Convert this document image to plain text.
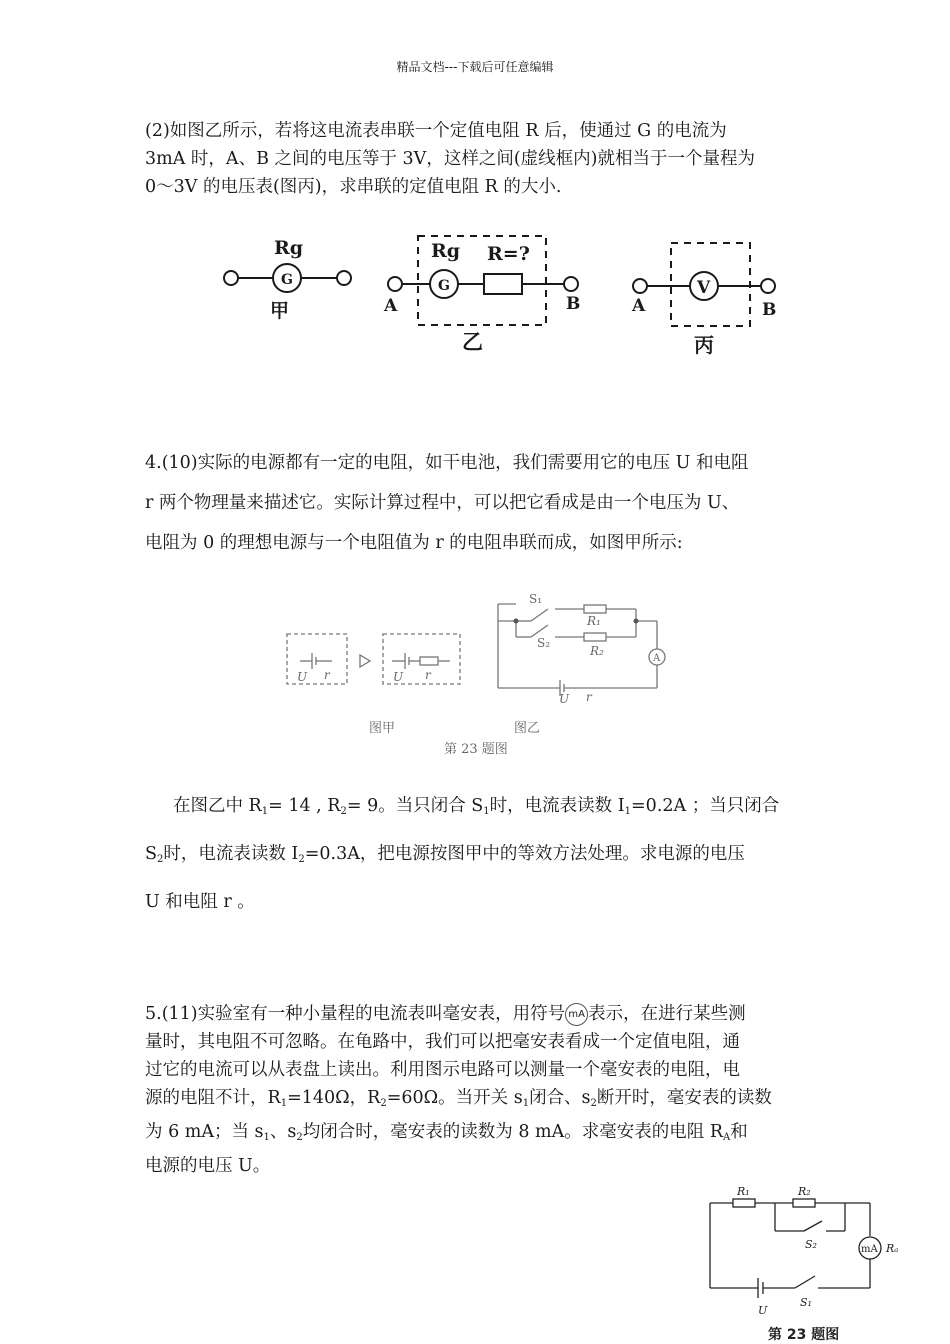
精品文档---下载后可任意编辑
(2)如图乙所示，若将这电流表串联一个定值电阻 R 后，使通过 G 的电流为
3mA 时，A、B 之间的电压等于 3V，这样之间(虚线框内)就相当于一个量程为
0～3V 的电压表(图丙)，求串联的定值电阻 R 的大小.
Rg
G
甲
Rg
G
R=?
A	B
乙
V
A	B
丙
4.(10)实际的电源都有一定的电阻，如干电池，我们需要用它的电压 U 和电阻
r 两个物理量来描述它。实际计算过程中，可以把它看成是由一个电压为 U、
电阻为 0 的理想电源与一个电阻值为 r 的电阻串联而成，如图甲所示:
U r	U r
S₁
S₂
R₁
R₂
A
U r
图甲	图乙
第 23 题图
在图乙中 $R_1= 14$ , $R_2= 9$。当只闭合 $S_1$时，电流表读数 $I_1=0.2A$ ；当只闭合
$S_2$时，电流表读数 $I_2=0.3A$，把电源按图甲中的等效方法处理。求电源的电压
U 和电阻 r 。
5.(11)实验室有一种小量程的电流表叫毫安表，用符号 mA 表示，在进行某些测
量时，其电阻不可忽略。在龟路中，我们可以把毫安表看成一个定值电阻，通
过它的电流可以从表盘上读出。利用图示电路可以测量一个毫安表的电阻，电
源的电阻不计，$R_1=140\Omega$，$R_2=60\Omega$。当开关 $s_1$闭合、$s_2$断开时，毫安表的读数
为 6 mA；当 $s_1$、$s_2$均闭合时，毫安表的读数为 8 mA。求毫安表的电阻 $R_A$和
电源的电压 U。
R₁	R₂
S₂	mA Rₐ
U
S₁
第 23 题图
